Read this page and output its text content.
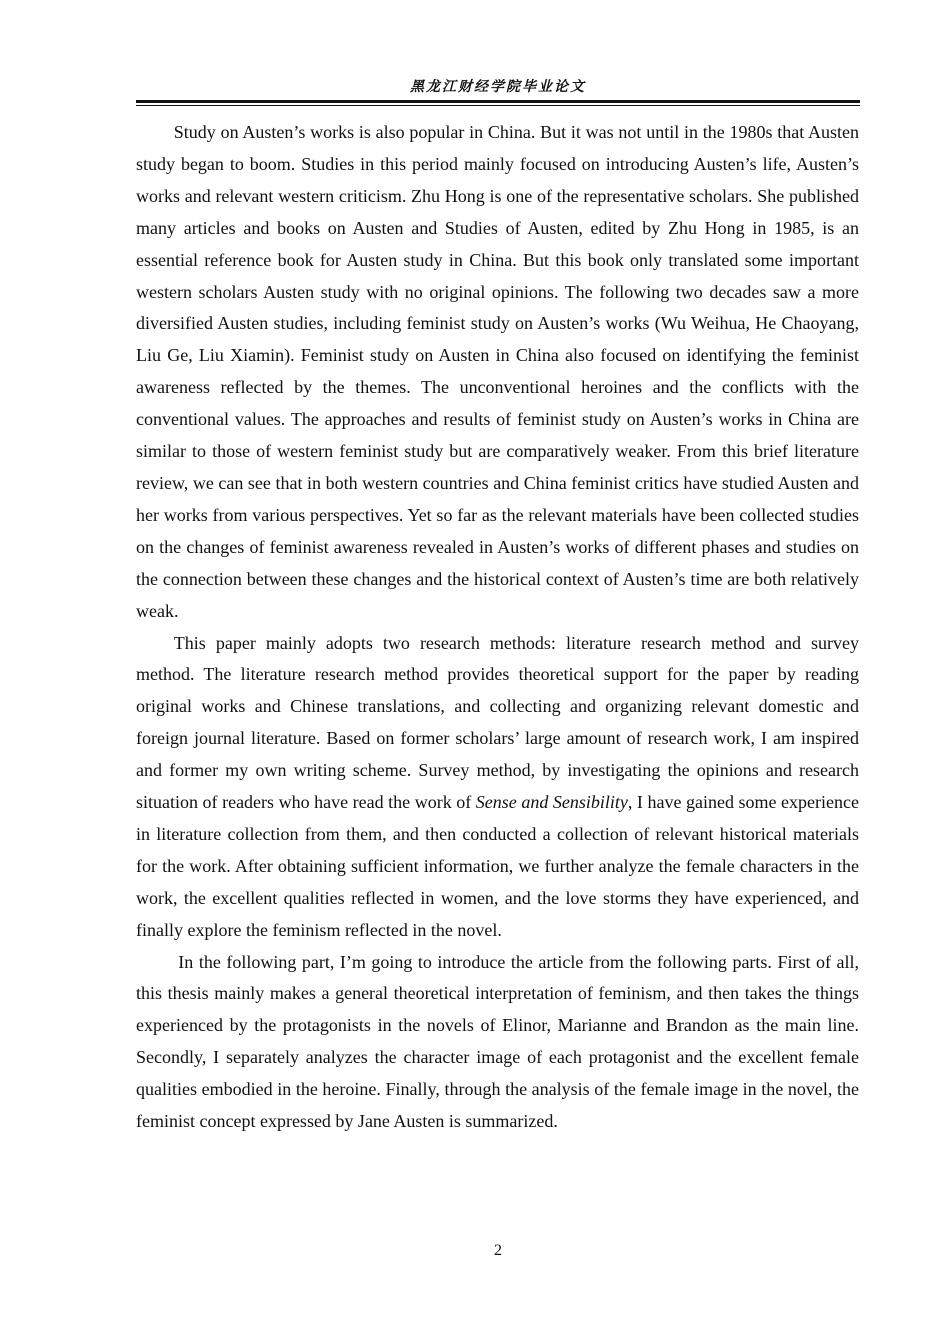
黑龙江财经学院毕业论文

Study on Austen’s works is also popular in China. But it was not until in the 1980s that Austen study began to boom. Studies in this period mainly focused on introducing Austen’s life, Austen’s works and relevant western criticism. Zhu Hong is one of the representative scholars. She published many articles and books on Austen and Studies of Austen, edited by Zhu Hong in 1985, is an essential reference book for Austen study in China. But this book only translated some important western scholars Austen study with no original opinions. The following two decades saw a more diversified Austen studies, including feminist study on Austen’s works (Wu Weihua, He Chaoyang, Liu Ge, Liu Xiamin). Feminist study on Austen in China also focused on identifying the feminist awareness reflected by the themes. The unconventional heroines and the conflicts with the conventional values. The approaches and results of feminist study on Austen’s works in China are similar to those of western feminist study but are comparatively weaker. From this brief literature review, we can see that in both western countries and China feminist critics have studied Austen and her works from various perspectives. Yet so far as the relevant materials have been collected studies on the changes of feminist awareness revealed in Austen’s works of different phases and studies on the connection between these changes and the historical context of Austen’s time are both relatively weak.

This paper mainly adopts two research methods: literature research method and survey method. The literature research method provides theoretical support for the paper by reading original works and Chinese translations, and collecting and organizing relevant domestic and foreign journal literature. Based on former scholars’ large amount of research work, I am inspired and former my own writing scheme. Survey method, by investigating the opinions and research situation of readers who have read the work of Sense and Sensibility, I have gained some experience in literature collection from them, and then conducted a collection of relevant historical materials for the work. After obtaining sufficient information, we further analyze the female characters in the work, the excellent qualities reflected in women, and the love storms they have experienced, and finally explore the feminism reflected in the novel.

In the following part, I’m going to introduce the article from the following parts. First of all, this thesis mainly makes a general theoretical interpretation of feminism, and then takes the things experienced by the protagonists in the novels of Elinor, Marianne and Brandon as the main line. Secondly, I separately analyzes the character image of each protagonist and the excellent female qualities embodied in the heroine. Finally, through the analysis of the female image in the novel, the feminist concept expressed by Jane Austen is summarized.

2
